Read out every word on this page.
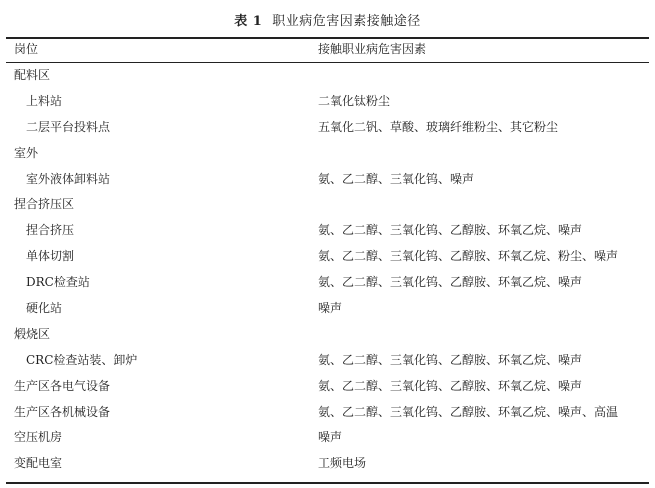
表 1 职业病危害因素接触途径
岗位	接触职业病危害因素
配料区
上料站	二氧化钛粉尘
二层平台投料点	五氧化二钒、草酸、玻璃纤维粉尘、其它粉尘
室外
室外液体卸料站	氨、乙二醇、三氧化钨、噪声
捏合挤压区
捏合挤压	氨、乙二醇、三氧化钨、乙醇胺、环氧乙烷、噪声
单体切割	氨、乙二醇、三氧化钨、乙醇胺、环氧乙烷、粉尘、噪声
DRC检查站	氨、乙二醇、三氧化钨、乙醇胺、环氧乙烷、噪声
硬化站	噪声
煅烧区
CRC检查站装、卸炉	氨、乙二醇、三氧化钨、乙醇胺、环氧乙烷、噪声
生产区各电气设备	氨、乙二醇、三氧化钨、乙醇胺、环氧乙烷、噪声
生产区各机械设备	氨、乙二醇、三氧化钨、乙醇胺、环氧乙烷、噪声、高温
空压机房	噪声
变配电室	工频电场
